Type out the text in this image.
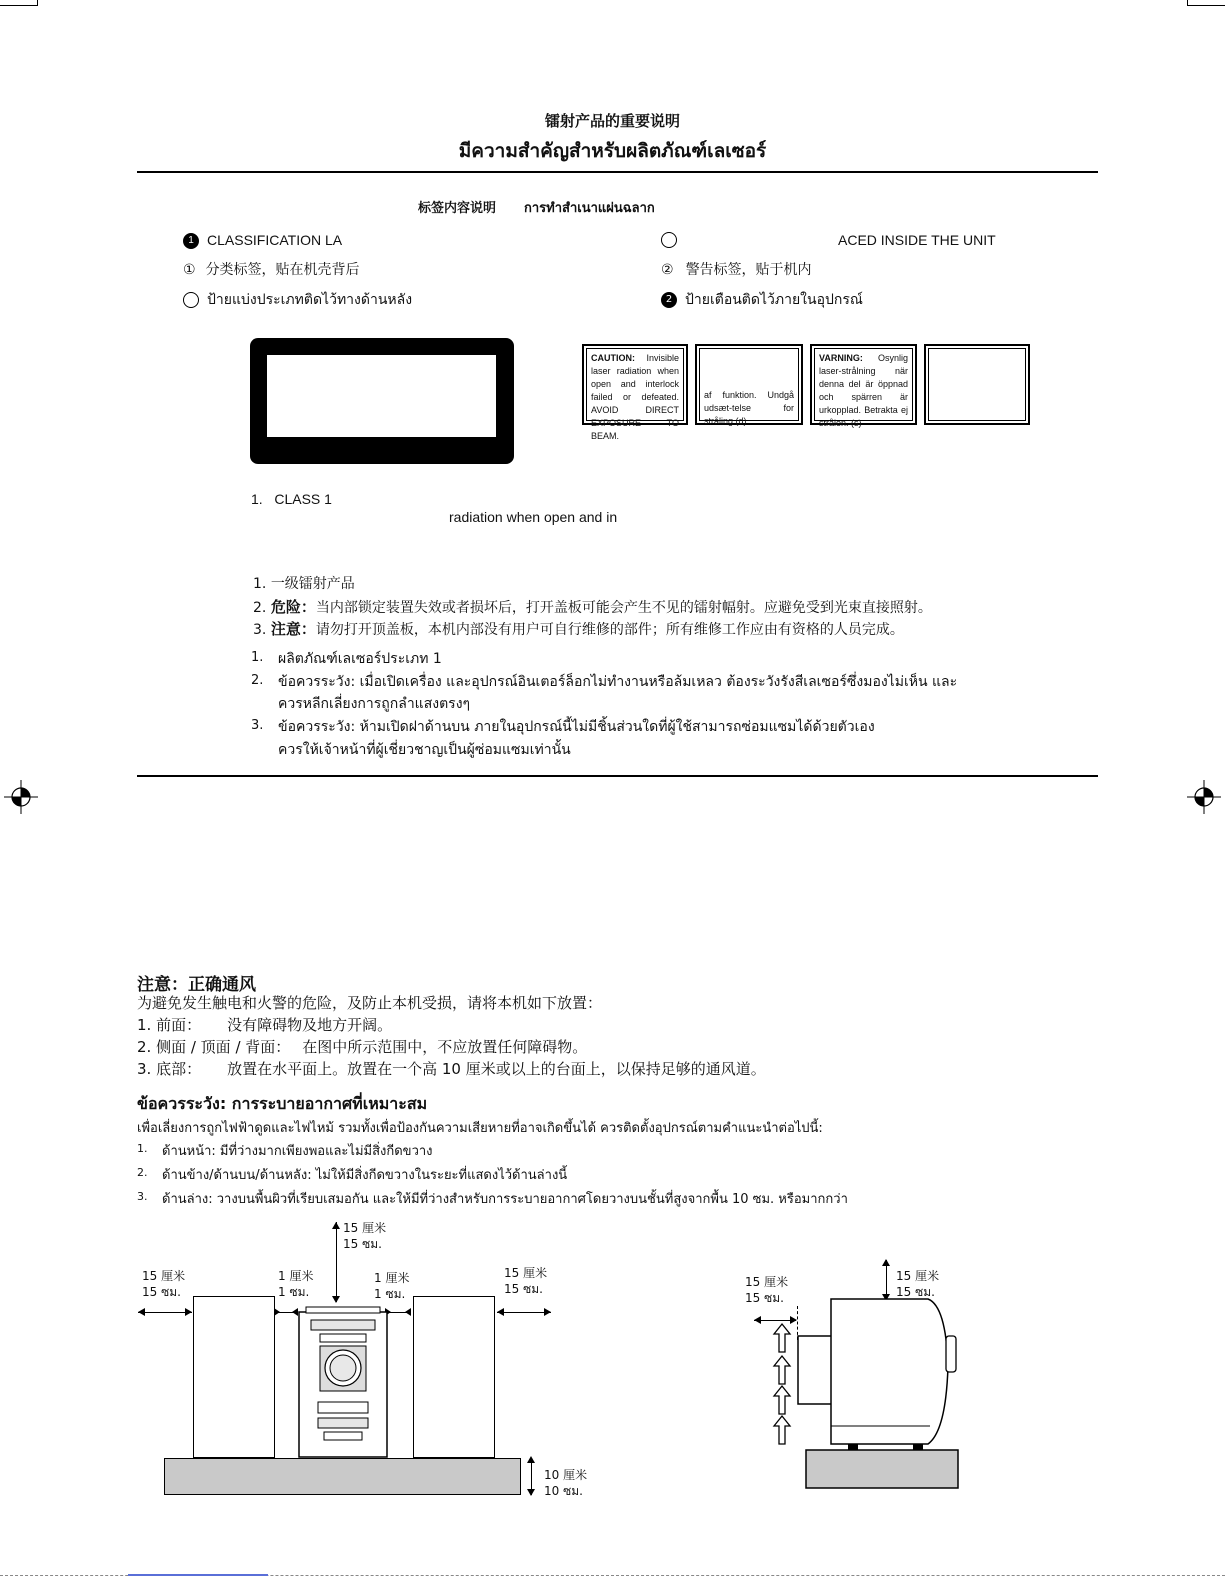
镭射产品的重要说明
มีความสำคัญสำหรับผลิตภัณฑ์เลเซอร์
标签内容说明 การทำสำเนาแผ่นฉลาก
1 CLASSIFICATION LA
① 分类标签，贴在机壳背后
ป้ายแบ่งประเภทติดไว้ทางด้านหลัง
ACED INSIDE THE UNIT
② 警告标签，贴于机内
2 ป้ายเตือนติดไว้ภายในอุปกรณ์
CAUTION: Invisible laser radiation when open and interlock failed or defeated. AVOID DIRECT EXPOSURE TO BEAM.
af funktion. Undgå udsæt-telse for stråling (d)
VARNING: Osynlig laser-strålning när denna del är öppnad och spärren är urkopplad. Betrakta ej strålen. (s)
1.   CLASS 1
radiation when open and in
1. 一级镭射产品
2. 危险：当内部锁定装置失效或者损坏后，打开盖板可能会产生不见的镭射幅射。应避免受到光束直接照射。
3. 注意：请勿打开顶盖板，本机内部没有用户可自行维修的部件；所有维修工作应由有资格的人员完成。
1. ผลิตภัณฑ์เลเซอร์ประเภท 1
2. ข้อควรระวัง: เมื่อเปิดเครื่อง และอุปกรณ์อินเตอร์ล็อกไม่ทำงานหรือล้มเหลว ต้องระวังรังสีเลเซอร์ซึ่งมองไม่เห็น และ
ควรหลีกเลี่ยงการถูกลำแสงตรงๆ
3. ข้อควรระวัง: ห้ามเปิดฝาด้านบน ภายในอุปกรณ์นี้ไม่มีชิ้นส่วนใดที่ผู้ใช้สามารถซ่อมแซมได้ด้วยตัวเอง
ควรให้เจ้าหน้าที่ผู้เชี่ยวชาญเป็นผู้ซ่อมแซมเท่านั้น
注意：正确通风
为避免发生触电和火警的危险，及防止本机受损，请将本机如下放置：
1. 前面： 没有障碍物及地方开阔。
2. 侧面 / 顶面 / 背面： 在图中所示范围中，不应放置任何障碍物。
3. 底部： 放置在水平面上。放置在一个高 10 厘米或以上的台面上，以保持足够的通风道。
ข้อควรระวัง: การระบายอากาศที่เหมาะสม
เพื่อเลี่ยงการถูกไฟฟ้าดูดและไฟไหม้ รวมทั้งเพื่อป้องกันความเสียหายที่อาจเกิดขึ้นได้ ควรติดตั้งอุปกรณ์ตามคำแนะนำต่อไปนี้:
1. ด้านหน้า: มีที่ว่างมากเพียงพอและไม่มีสิ่งกีดขวาง
2. ด้านข้าง/ด้านบน/ด้านหลัง: ไม่ให้มีสิ่งกีดขวางในระยะที่แสดงไว้ด้านล่างนี้
3. ด้านล่าง: วางบนพื้นผิวที่เรียบเสมอกัน และให้มีที่ว่างสำหรับการระบายอากาศโดยวางบนชั้นที่สูงจากพื้น 10 ซม. หรือมากกว่า
15 厘米
15 ซม.
15 厘米
15 ซม.
1 厘米
1 ซม.
1 厘米
1 ซม.
15 厘米
15 ซม.
10 厘米
10 ซม.
15 厘米
15 ซม.
15 厘米
15 ซม.
